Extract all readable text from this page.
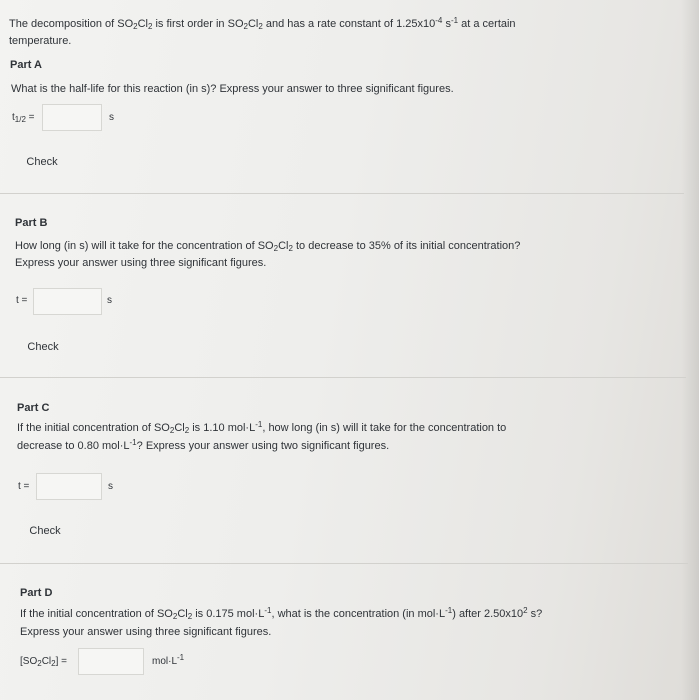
The decomposition of $SO_2Cl_2$ is first order in $SO_2Cl_2$ and has a rate constant of $1.25x10^{-4}$ $s^{-1}$ at a certain
temperature.
Part A
What is the half-life for this reaction (in s)? Express your answer to three significant figures.
$t_{1/2}$ =	s
Check
Part B
How long (in s) will it take for the concentration of $SO_2Cl_2$ to decrease to 35% of its initial concentration?
Express your answer using three significant figures.
t =	s
Check
Part C
If the initial concentration of $SO_2Cl_2$ is 1.10 $mol\cdot L^{-1}$, how long (in s) will it take for the concentration to
decrease to 0.80 $mol\cdot L^{-1}$? Express your answer using two significant figures.
t =	s
Check
Part D
If the initial concentration of $SO_2Cl_2$ is 0.175 $mol\cdot L^{-1}$, what is the concentration (in $mol\cdot L^{-1}$) after $2.50x10^2$ s?
Express your answer using three significant figures.
$[SO_2Cl_2]$ =	$mol\cdot L^{-1}$
